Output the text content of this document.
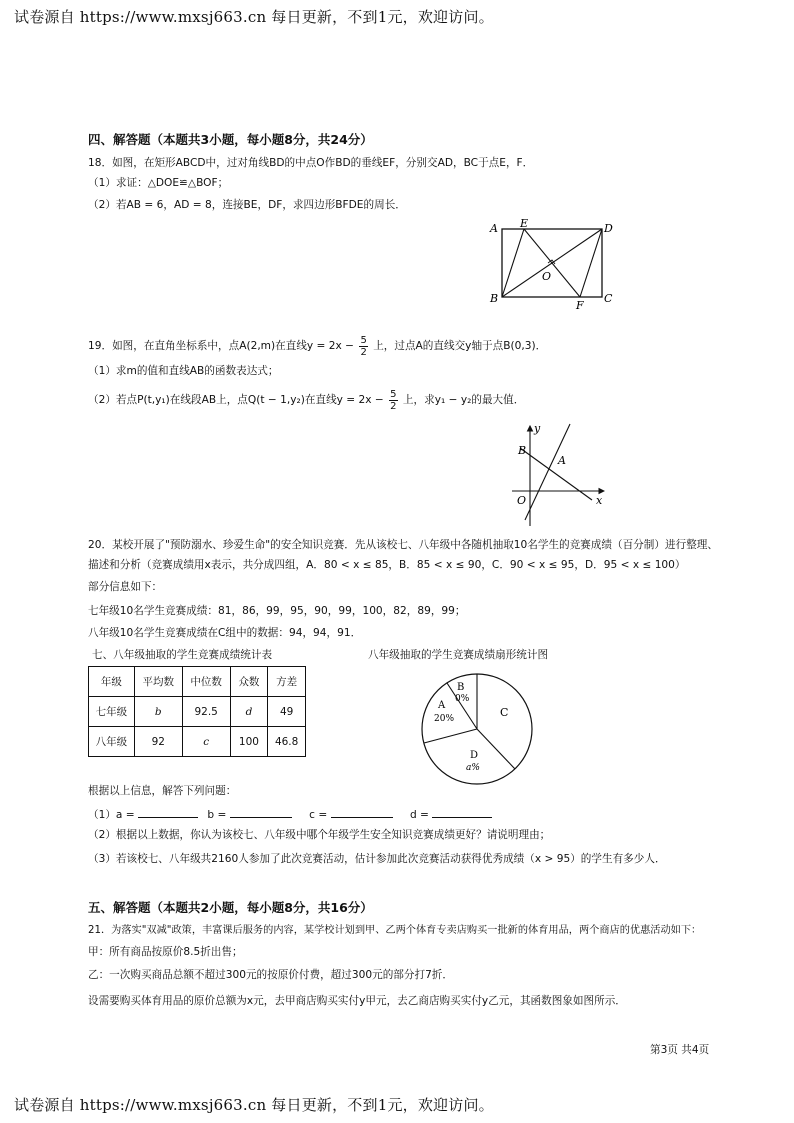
试卷源自 https://www.mxsj663.cn 每日更新，不到1元，欢迎访问。
四、解答题（本题共3小题，每小题8分，共24分）
18．如图，在矩形ABCD中，过对角线BD的中点O作BD的垂线EF，分别交AD，BC于点E，F．
（1）求证：△DOE≌△BOF；
（2）若AB = 6，AD = 8，连接BE，DF，求四边形BFDE的周长．
A E	D
B
F
C
O
19．如图，在直角坐标系中，点A(2,m)在直线$y = 2x - \frac{5}{2}$ 上，过点A的直线交y轴于点B(0,3)．
（1）求m的值和直线AB的函数表达式；
（2）若点P(t,y₁)在线段AB上，点Q(t − 1,y₂)在直线$y = 2x - \frac{5}{2}$ 上，求y₁ − y₂的最大值．
y
x
B
A
O
20．某校开展了"预防溺水、珍爱生命"的安全知识竞赛．先从该校七、八年级中各随机抽取10名学生的竞赛成绩（百分制）进行整理、
描述和分析（竞赛成绩用x表示，共分成四组，A．80 < x ≤ 85，B．85 < x ≤ 90，C．90 < x ≤ 95，D．95 < x ≤ 100）
部分信息如下：
七年级10名学生竞赛成绩：81，86，99，95，90，99，100，82，89，99；
八年级10名学生竞赛成绩在C组中的数据：94，94，91．
七、八年级抽取的学生竞赛成绩统计表	八年级抽取的学生竞赛成绩扇形统计图
年级	平均数	中位数	众数	方差
七年级	b	92.5	d	49
八年级	92	c	100	46.8
B
0%
A
20%	C
D
a%
根据以上信息，解答下列问题：
（1）a =	b =	c =	d =
（2）根据以上数据，你认为该校七、八年级中哪个年级学生安全知识竞赛成绩更好？请说明理由；
（3）若该校七、八年级共2160人参加了此次竞赛活动，估计参加此次竞赛活动获得优秀成绩（x > 95）的学生有多少人．
五、解答题（本题共2小题，每小题8分，共16分）
21．为落实"双减"政策，丰富课后服务的内容，某学校计划到甲、乙两个体育专卖店购买一批新的体育用品，两个商店的优惠活动如下：
甲：所有商品按原价8.5折出售；
乙：一次购买商品总额不超过300元的按原价付费，超过300元的部分打7折．
设需要购买体育用品的原价总额为x元，去甲商店购买实付y甲元，去乙商店购买实付y乙元，其函数图象如图所示．
第3页 共4页
试卷源自 https://www.mxsj663.cn 每日更新，不到1元，欢迎访问。
